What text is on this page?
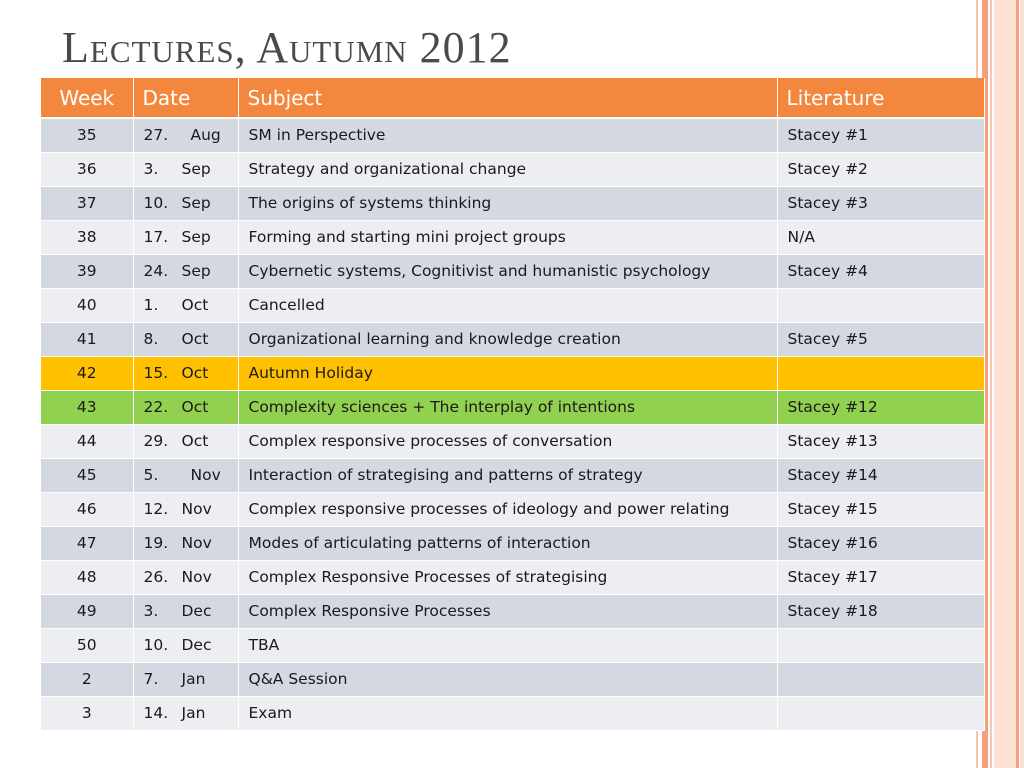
Lectures, Autumn 2012
Week	Date	Subject	Literature
35	27. Aug	SM in Perspective	Stacey #1
36	3. Sep	Strategy and organizational change	Stacey #2
37	10. Sep	The origins of systems thinking	Stacey #3
38	17. Sep	Forming and starting mini project groups	N/A
39	24. Sep	Cybernetic systems, Cognitivist and humanistic psychology	Stacey #4
40	1. Oct	Cancelled	
41	8. Oct	Organizational learning and knowledge creation	Stacey #5
42	15. Oct	Autumn Holiday	
43	22. Oct	Complexity sciences + The interplay of intentions	Stacey #12
44	29. Oct	Complex responsive processes of conversation	Stacey #13
45	5. Nov	Interaction of strategising and patterns of strategy	Stacey #14
46	12. Nov	Complex responsive processes of ideology and power relating	Stacey #15
47	19. Nov	Modes of articulating patterns of interaction	Stacey #16
48	26. Nov	Complex Responsive Processes of strategising	Stacey #17
49	3. Dec	Complex Responsive Processes	Stacey #18
50	10. Dec	TBA	
2	7. Jan	Q&A Session	
3	14. Jan	Exam	
